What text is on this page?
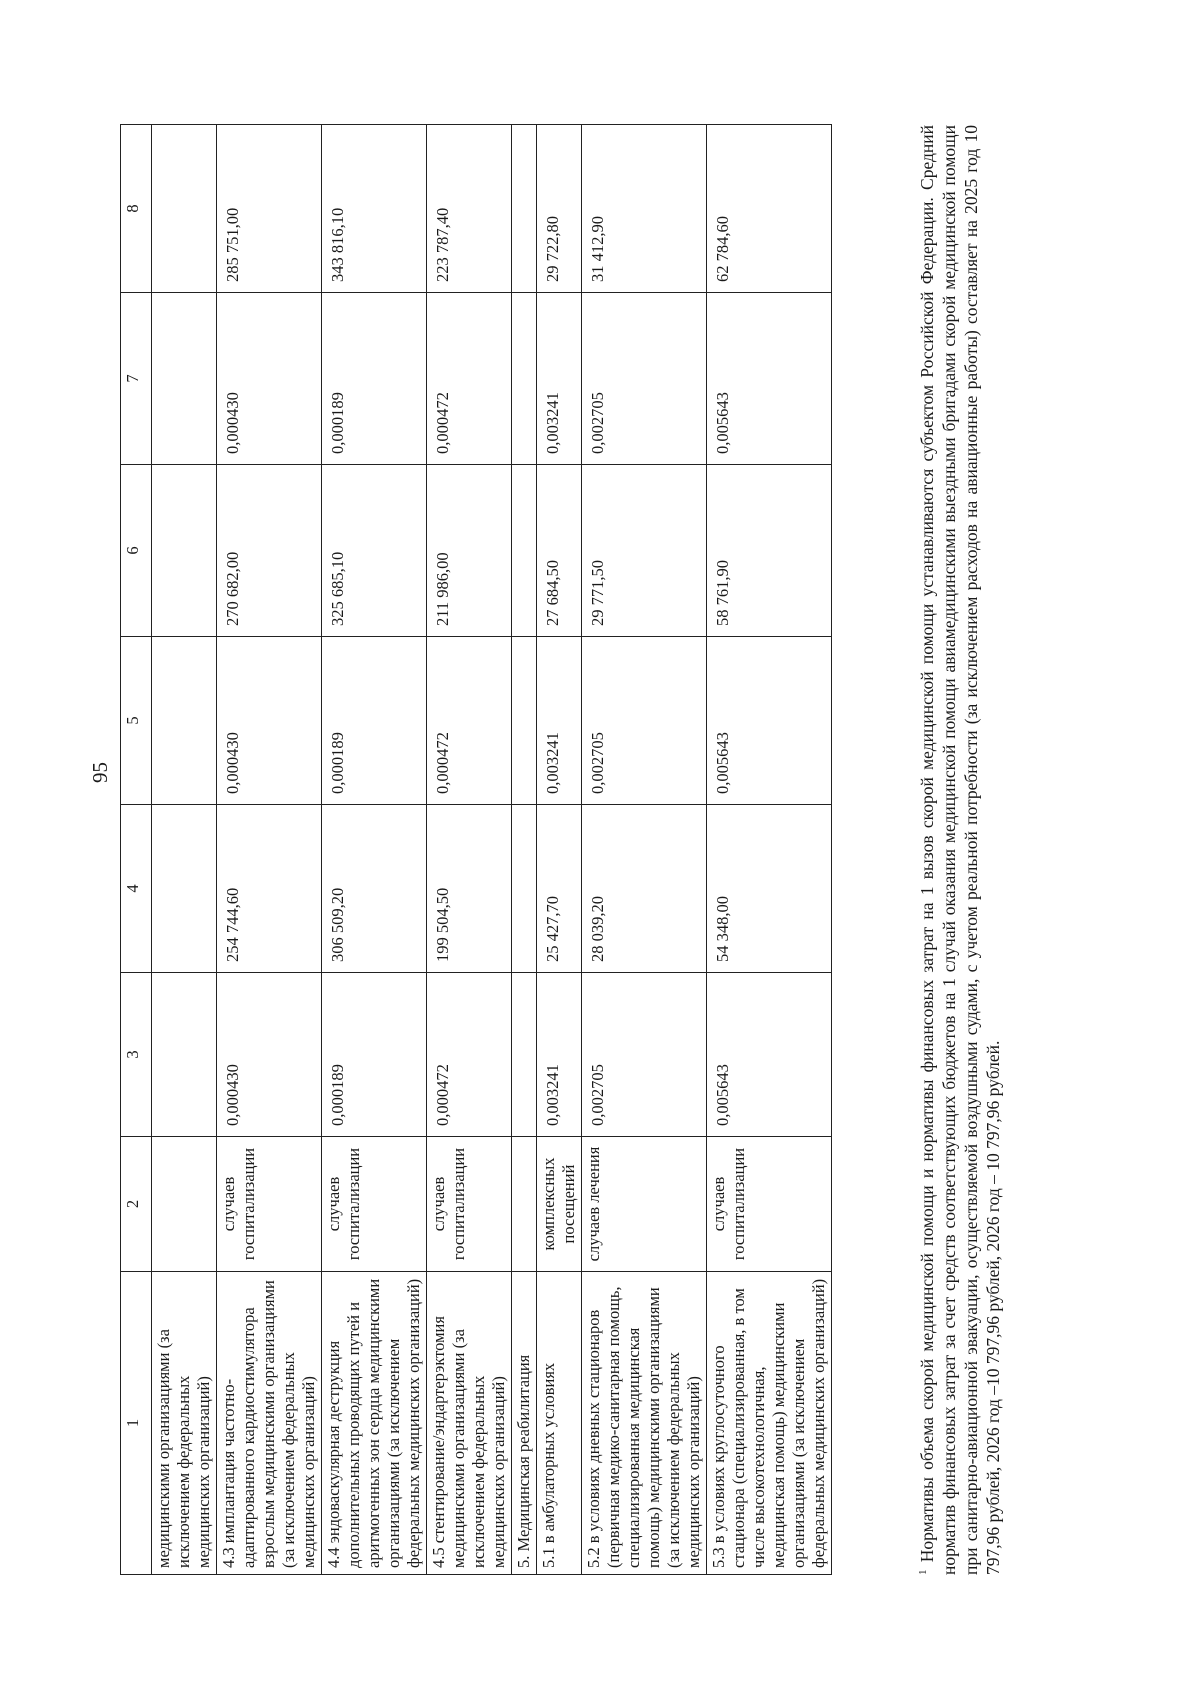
95
1	2	3	4	5	6	7	8
медицинскими организациями (за исключением федеральных медицинских организаций)							
4.3 имплантация частотно-адаптированного кардиостимулятора взрослым медицинскими организациями (за исключением федеральных медицинских организаций)	случаев госпитализации	0,000430	254 744,60	0,000430	270 682,00	0,000430	285 751,00
4.4 эндоваскулярная деструкция дополнительных проводящих путей и аритмогенных зон сердца медицинскими организациями (за исключением федеральных медицинских организаций)	случаев госпитализации	0,000189	306 509,20	0,000189	325 685,10	0,000189	343 816,10
4.5 стентирование/эндартерэктомия медицинскими организациями (за исключением федеральных медицинских организаций)	случаев госпитализации	0,000472	199 504,50	0,000472	211 986,00	0,000472	223 787,40
5. Медицинская реабилитация							
5.1 в амбулаторных условиях	комплексных посещений	0,003241	25 427,70	0,003241	27 684,50	0,003241	29 722,80
5.2 в условиях дневных стационаров (первичная медико-санитарная помощь, специализированная медицинская помощь) медицинскими организациями (за исключением федеральных медицинских организаций)	случаев лечения	0,002705	28 039,20	0,002705	29 771,50	0,002705	31 412,90
5.3 в условиях круглосуточного стационара (специализированная, в том числе высокотехнологичная, медицинская помощь) медицинскими организациями (за исключением федеральных медицинских организаций)	случаев госпитализации	0,005643	54 348,00	0,005643	58 761,90	0,005643	62 784,60
$^1$ Нормативы объема скорой медицинской помощи и нормативы финансовых затрат на 1 вызов скорой медицинской помощи устанавливаются субъектом Российской Федерации. Средний норматив финансовых затрат за счет средств соответствующих бюджетов на 1 случай оказания медицинской помощи авиамедицинскими выездными бригадами скорой медицинской помощи при санитарно-авиационной эвакуации, осуществляемой воздушными судами, с учетом реальной потребности (за исключением расходов на авиационные работы) составляет на 2025 год 10 797,96 рублей, 2026 год –10 797,96 рублей, 2026 год – 10 797,96 рублей.
